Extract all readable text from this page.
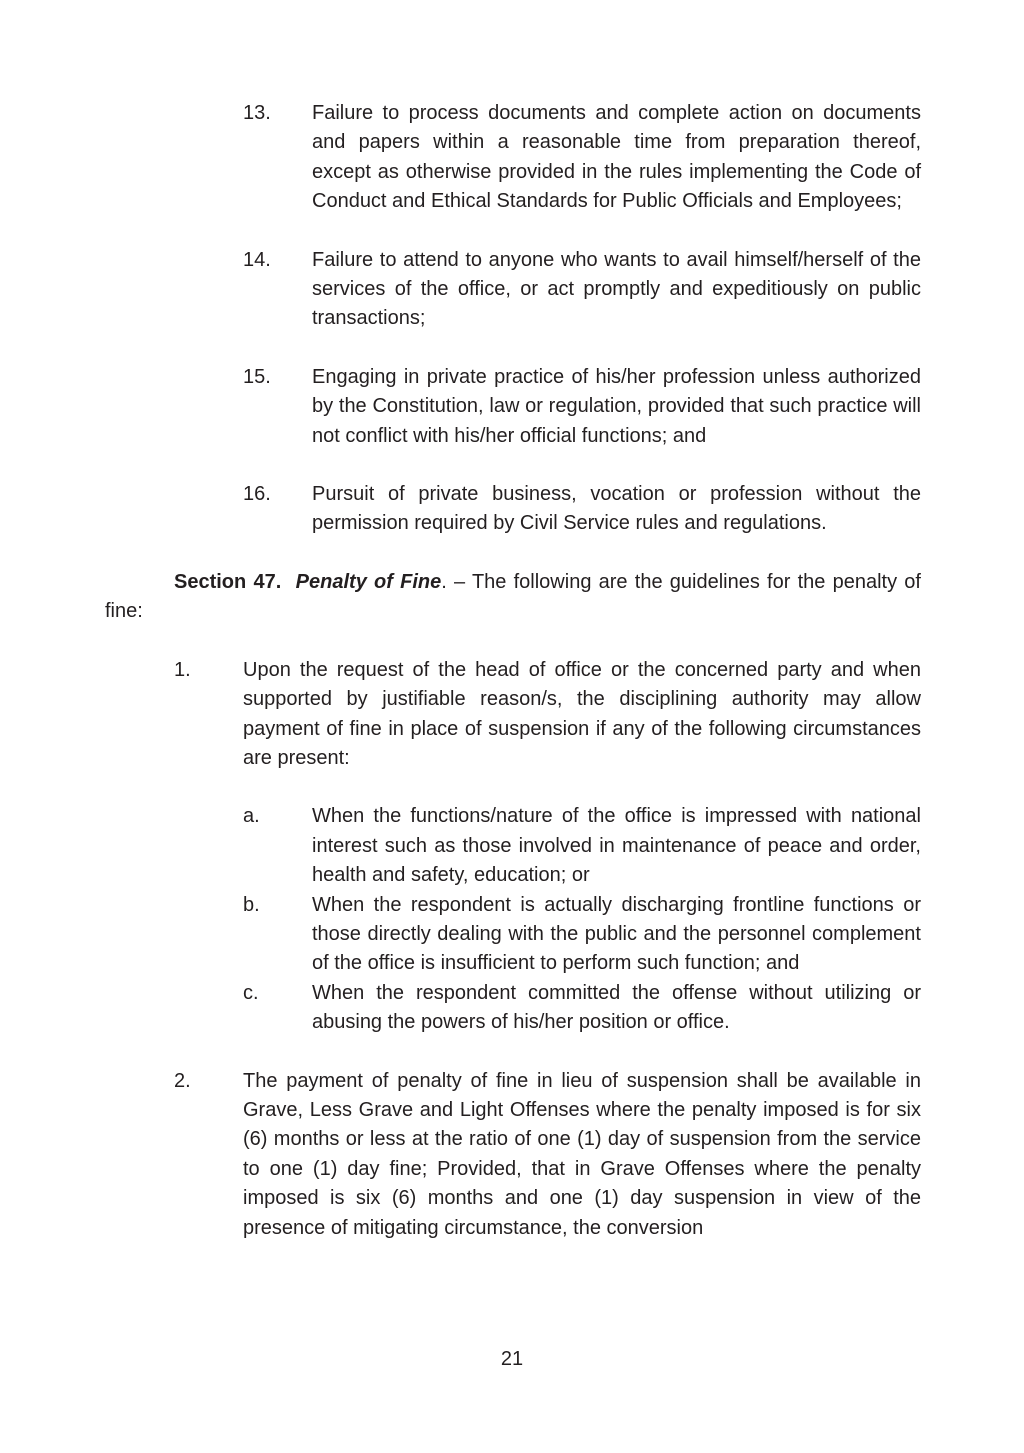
13.	Failure to process documents and complete action on documents and papers within a reasonable time from preparation thereof, except as otherwise provided in the rules implementing the Code of Conduct and Ethical Standards for Public Officials and Employees;
14.	Failure to attend to anyone who wants to avail himself/herself of the services of the office, or act promptly and expeditiously on public transactions;
15.	Engaging in private practice of his/her profession unless authorized by the Constitution, law or regulation, provided that such practice will not conflict with his/her official functions; and
16.	Pursuit of private business, vocation or profession without the permission required by Civil Service rules and regulations.

Section 47. Penalty of Fine. – The following are the guidelines for the penalty of fine:

1.	Upon the request of the head of office or the concerned party and when supported by justifiable reason/s, the disciplining authority may allow payment of fine in place of suspension if any of the following circumstances are present:
a.	When the functions/nature of the office is impressed with national interest such as those involved in maintenance of peace and order, health and safety, education; or
b.	When the respondent is actually discharging frontline functions or those directly dealing with the public and the personnel complement of the office is insufficient to perform such function; and
c.	When the respondent committed the offense without utilizing or abusing the powers of his/her position or office.
2.	The payment of penalty of fine in lieu of suspension shall be available in Grave, Less Grave and Light Offenses where the penalty imposed is for six (6) months or less at the ratio of one (1) day of suspension from the service to one (1) day fine; Provided, that in Grave Offenses where the penalty imposed is six (6) months and one (1) day suspension in view of the presence of mitigating circumstance, the conversion
21
